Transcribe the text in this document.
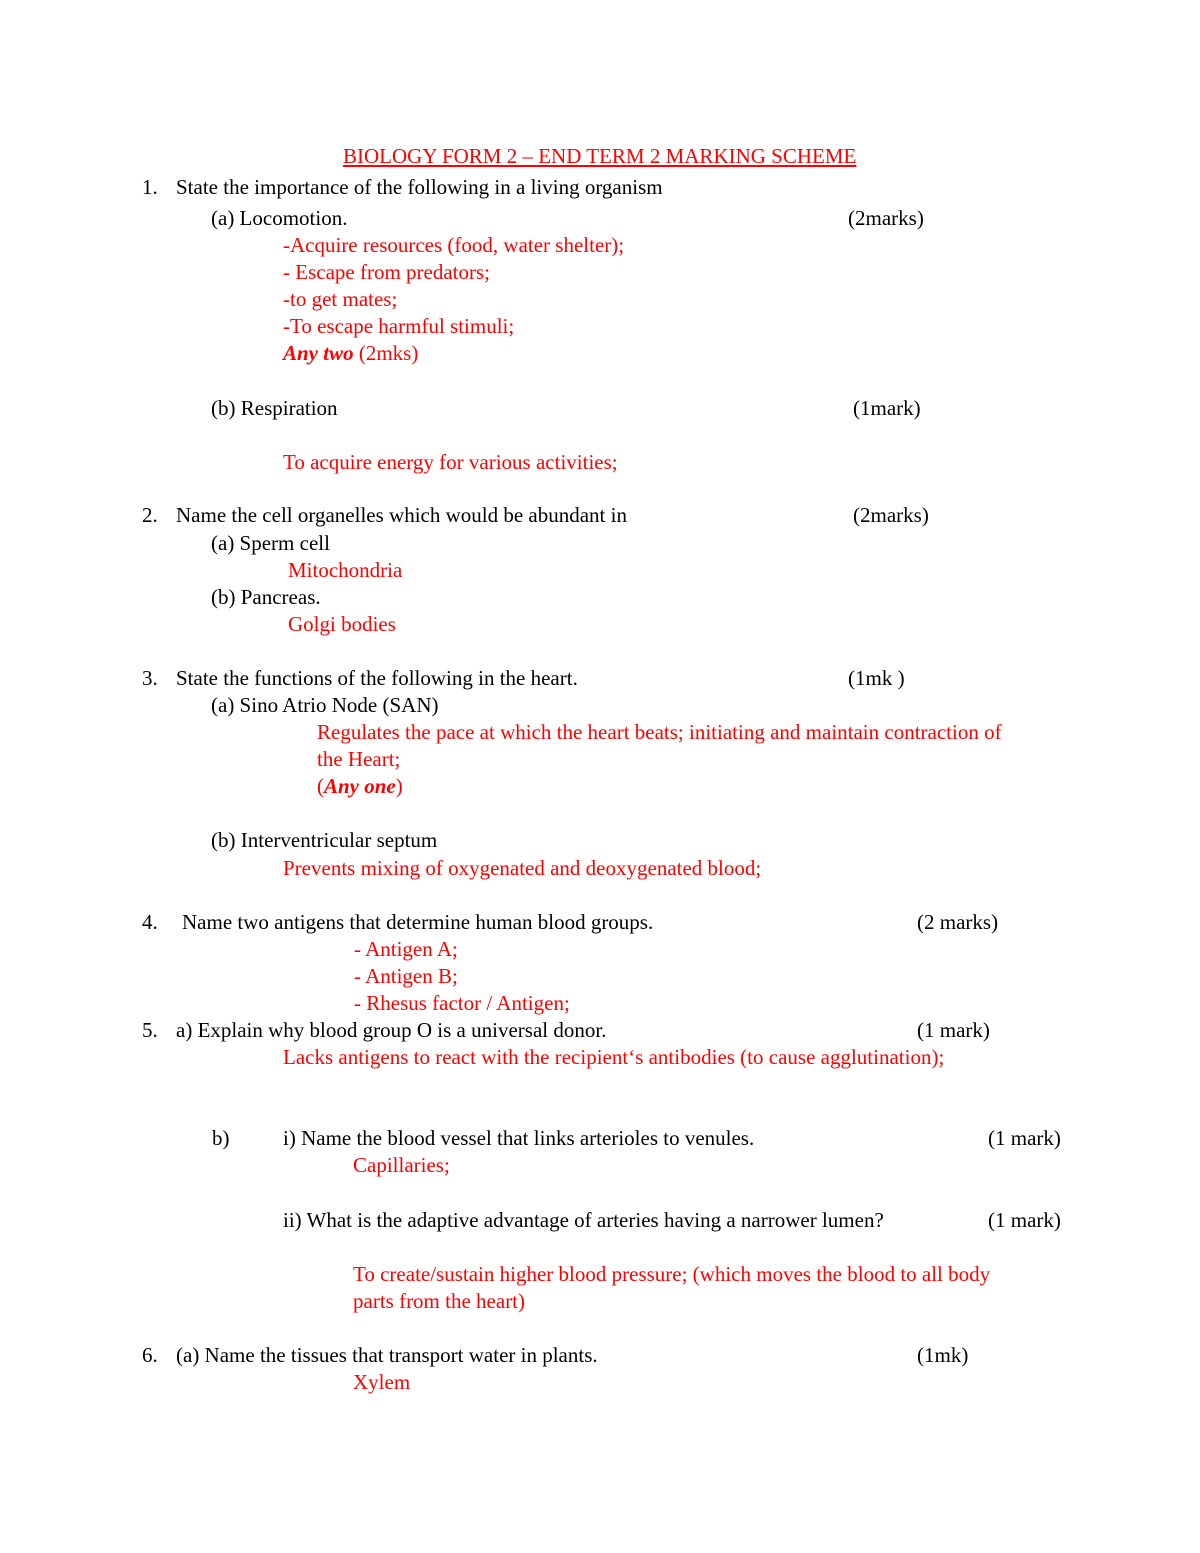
BIOLOGY FORM 2 – END TERM 2 MARKING SCHEME
1. State the importance of the following in a living organism
(a) Locomotion.	(2marks)
-Acquire resources (food, water shelter);
- Escape from predators;
-to get mates;
-To escape harmful stimuli;
Any two (2mks)
(b) Respiration	(1mark)
To acquire energy for various activities;
2. Name the cell organelles which would be abundant in	(2marks)
(a) Sperm cell
Mitochondria
(b) Pancreas.
Golgi bodies
3. State the functions of the following in the heart.	(1mk )
(a) Sino Atrio Node (SAN)
Regulates the pace at which the heart beats; initiating and maintain contraction of
the Heart;
(Any one)
(b) Interventricular septum
Prevents mixing of oxygenated and deoxygenated blood;
4. Name two antigens that determine human blood groups.	(2 marks)
- Antigen A;
- Antigen B;
- Rhesus factor / Antigen;
5. a) Explain why blood group O is a universal donor.	(1 mark)
Lacks antigens to react with the recipient‘s antibodies (to cause agglutination);
b)	i) Name the blood vessel that links arterioles to venules.	(1 mark)
Capillaries;
ii) What is the adaptive advantage of arteries having a narrower lumen?	(1 mark)
To create/sustain higher blood pressure; (which moves the blood to all body
parts from the heart)
6. (a) Name the tissues that transport water in plants.	(1mk)
Xylem
